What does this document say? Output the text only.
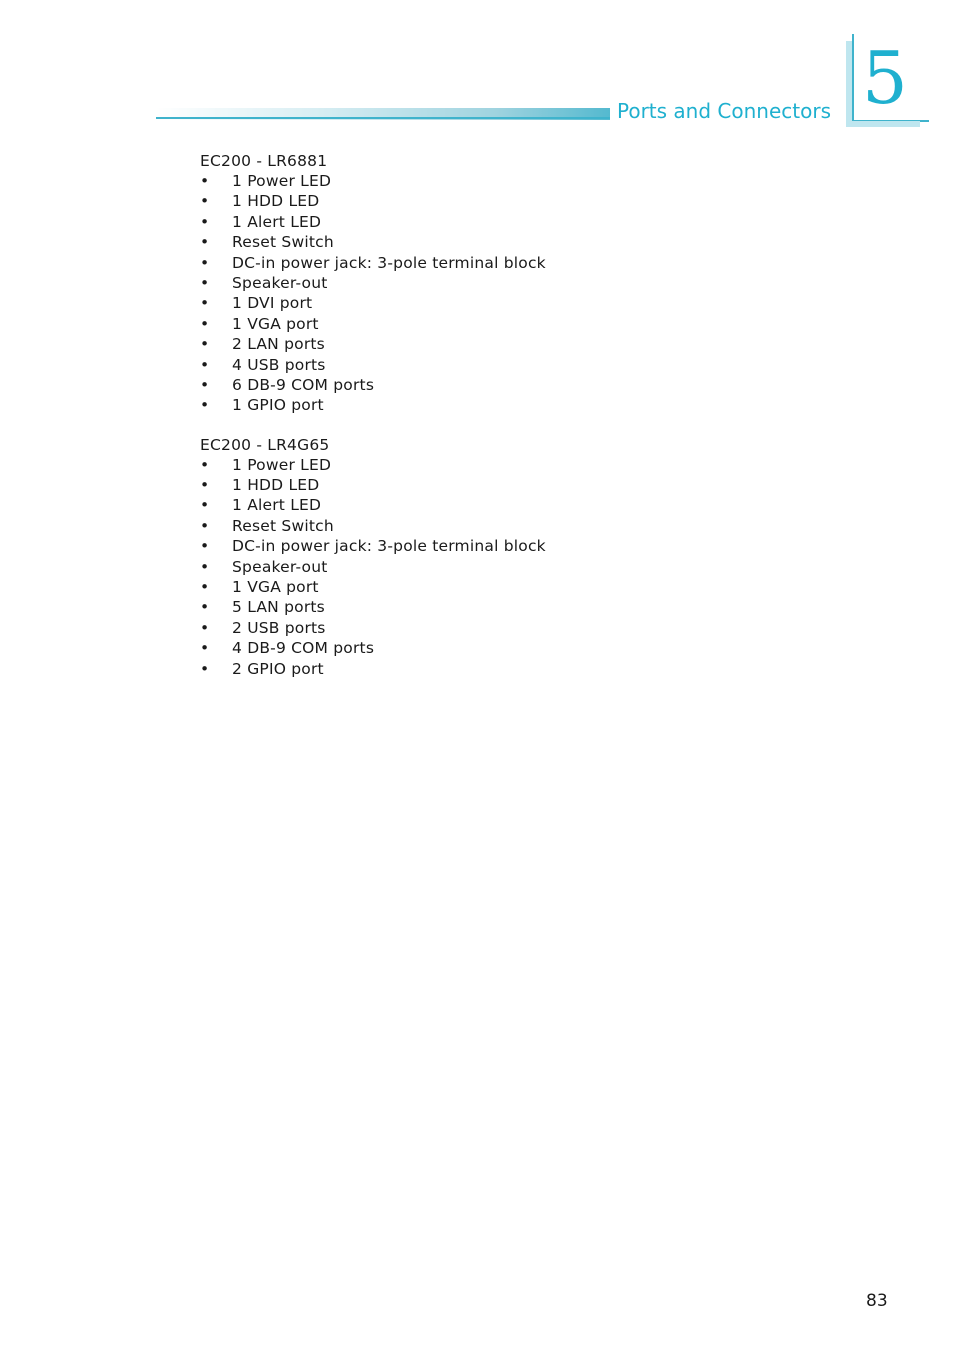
Ports and Connectors 5

EC200 - LR6881

• 1 Power LED
• 1 HDD LED
• 1 Alert LED
• Reset Switch
• DC-in power jack: 3-pole terminal block
• Speaker-out
• 1 DVI port
• 1 VGA port
• 2 LAN ports
• 4 USB ports
• 6 DB-9 COM ports
• 1 GPIO port

EC200 - LR4G65

• 1 Power LED
• 1 HDD LED
• 1 Alert LED
• Reset Switch
• DC-in power jack: 3-pole terminal block
• Speaker-out
• 1 VGA port
• 5 LAN ports
• 2 USB ports
• 4 DB-9 COM ports
• 2 GPIO port
83
